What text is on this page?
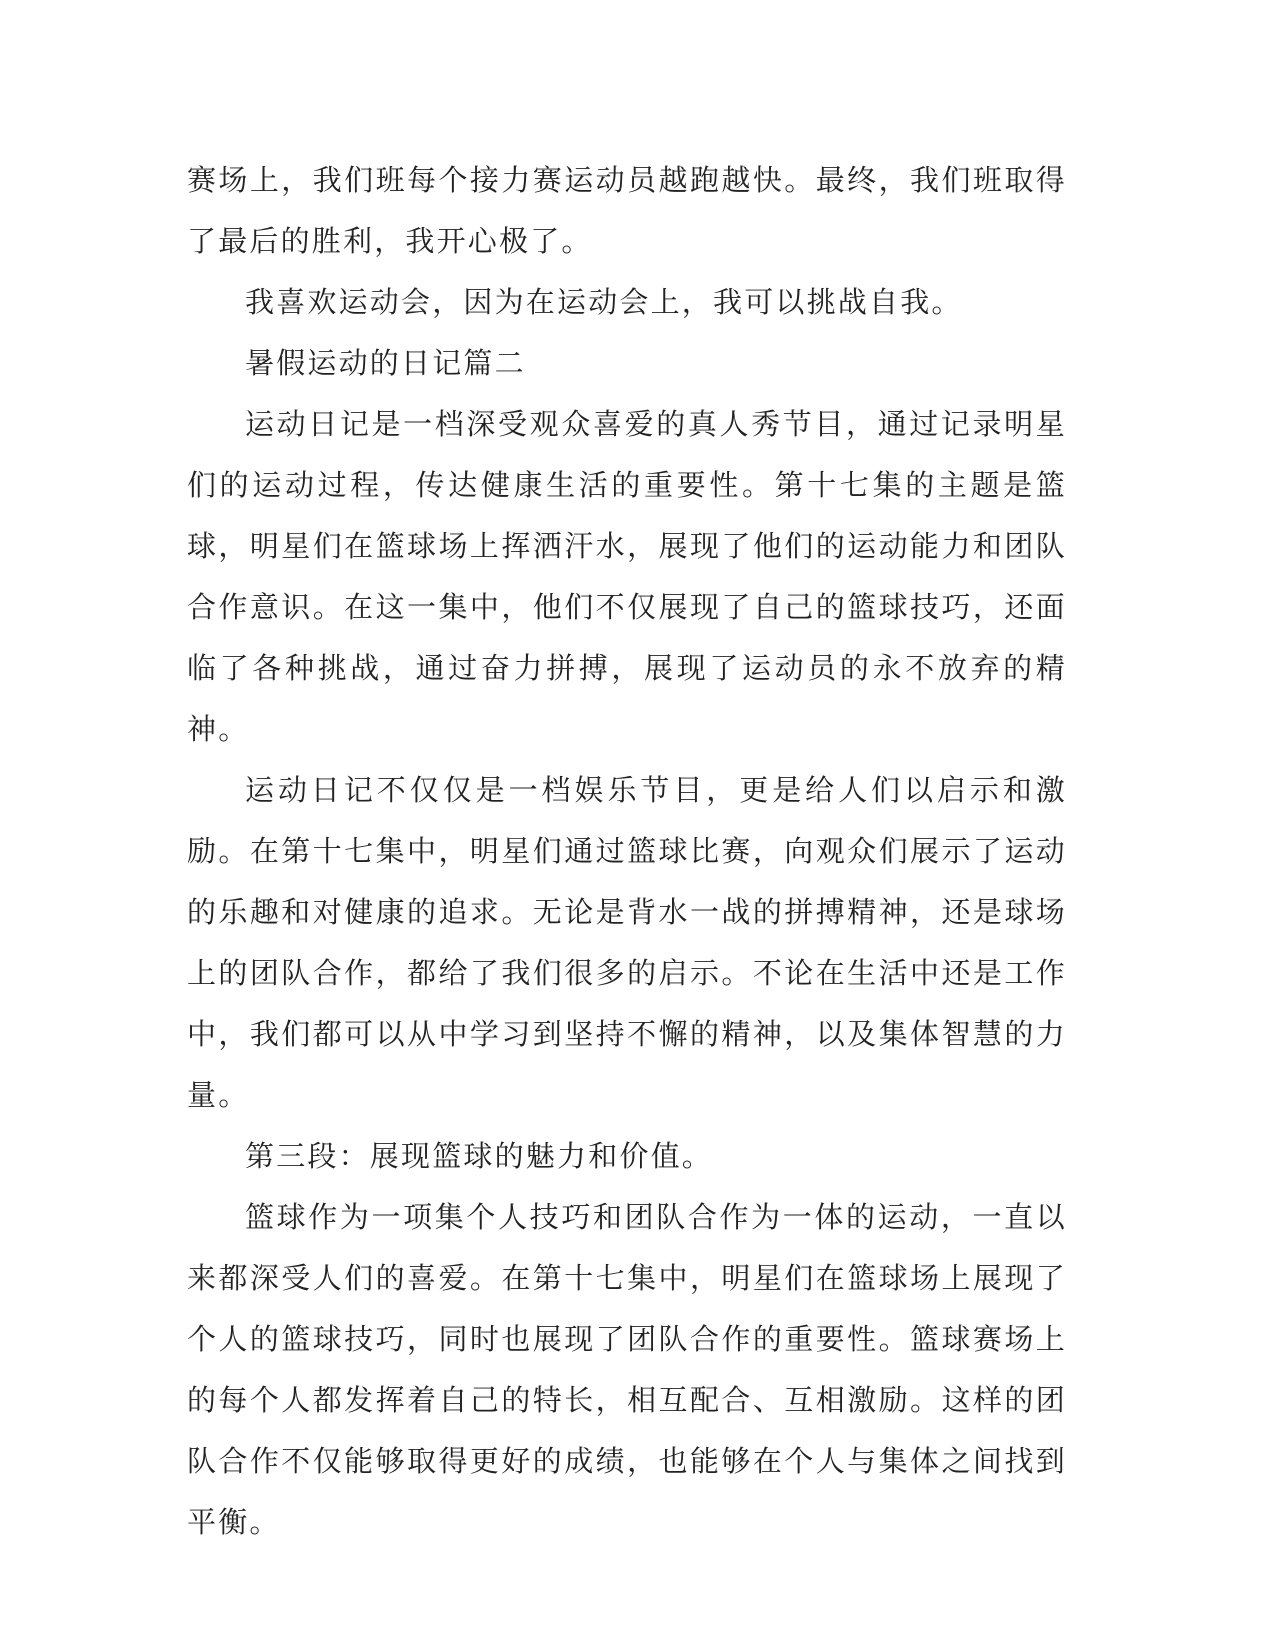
赛场上，我们班每个接力赛运动员越跑越快。最终，我们班取得了最后的胜利，我开心极了。

我喜欢运动会，因为在运动会上，我可以挑战自我。

暑假运动的日记篇二

运动日记是一档深受观众喜爱的真人秀节目，通过记录明星们的运动过程，传达健康生活的重要性。第十七集的主题是篮球，明星们在篮球场上挥洒汗水，展现了他们的运动能力和团队合作意识。在这一集中，他们不仅展现了自己的篮球技巧，还面临了各种挑战，通过奋力拼搏，展现了运动员的永不放弃的精神。

运动日记不仅仅是一档娱乐节目，更是给人们以启示和激励。在第十七集中，明星们通过篮球比赛，向观众们展示了运动的乐趣和对健康的追求。无论是背水一战的拼搏精神，还是球场上的团队合作，都给了我们很多的启示。不论在生活中还是工作中，我们都可以从中学习到坚持不懈的精神，以及集体智慧的力量。

第三段：展现篮球的魅力和价值。

篮球作为一项集个人技巧和团队合作为一体的运动，一直以来都深受人们的喜爱。在第十七集中，明星们在篮球场上展现了个人的篮球技巧，同时也展现了团队合作的重要性。篮球赛场上的每个人都发挥着自己的特长，相互配合、互相激励。这样的团队合作不仅能够取得更好的成绩，也能够在个人与集体之间找到平衡。
